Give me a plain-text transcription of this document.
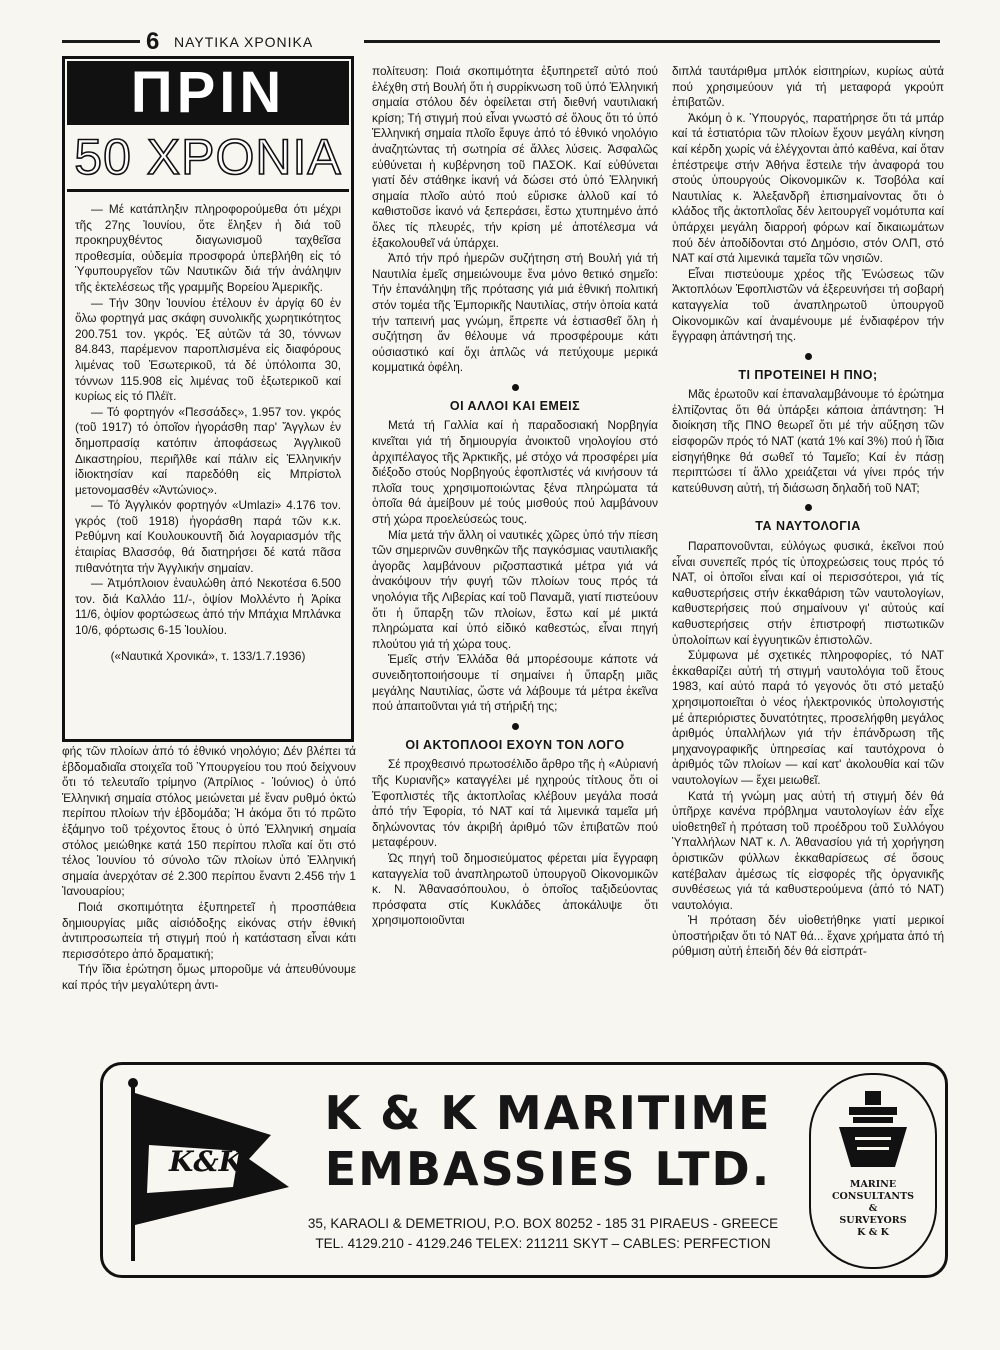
6 ΝΑΥΤΙΚΑ ΧΡΟΝΙΚΑ
ΠΡΙΝ
50 ΧΡΟΝΙΑ

— Μέ κατάπληξιν πληροφορούμεθα ότι μέχρι τῆς 27ης Ἰουνίου, ὅτε ἔληξεν ἡ διά τοῦ προκηρυχθέντος διαγωνισμοῦ ταχθεῖσα προθεσμία, οὐδεμία προσφορά ὑπεβλήθη εἰς τό Ὑφυπουργεῖον τῶν Ναυτικῶν διά τήν ἀνάληψιν τῆς ἐκτελέσεως τῆς γραμμῆς Βορείου Ἀμερικῆς.

— Τήν 30ην Ἰουνίου ἐτέλουν ἐν ἀργίᾳ 60 ἐν ὅλω φορτηγά μας σκάφη συνολικῆς χωρητικότητος 200.751 τον. γκρός. Ἐξ αὐτῶν τά 30, τόννων 84.843, παρέμενον παροπλισμένα εἰς διαφόρους λιμένας τοῦ Ἐσωτερικοῦ, τά δέ ὑπόλοιπα 30, τόννων 115.908 εἰς λιμένας τοῦ ἐξωτερικοῦ καί κυρίως εἰς τό Πλέϊτ.

— Τό φορτηγόν «Πεσσάδες», 1.957 τον. γκρός (τοῦ 1917) τό ὁποῖον ἠγοράσθη παρ' Ἄγγλων ἐν δημοπρασίᾳ κατόπιν ἀποφάσεως Ἀγγλικοῦ Δικαστηρίου, περιῆλθε καί πάλιν εἰς Ἑλληνικήν ἰδιοκτησίαν καί παρεδόθη εἰς Μπρίστολ μετονομασθέν «Ἀντώνιος».

— Τό Ἀγγλικόν φορτηγόν «Umlazi» 4.176 τον. γκρός (τοῦ 1918) ἠγοράσθη παρά τῶν κ.κ. Ρεθύμνη καί Κουλουκουντῆ διά λογαριασμόν τῆς ἑταιρίας Βλασσόφ, θά διατηρήσει δέ κατά πᾶσα πιθανότητα τήν Ἀγγλικήν σημαίαν.

— Ἀτμόπλοιον ἐναυλώθη ἀπό Νεκοτέσα 6.500 τον. διά Καλλάο 11/-, ὀψίον Μολλέντο ἡ Ἀρίκα 11/6, ὀψίον φορτώσεως ἀπό τήν Μπάχια Μπλάνκα 10/6, φόρτωσις 6-15 Ἰουλίου.

(«Ναυτικά Χρονικά», τ. 133/1.7.1936)

φής τῶν πλοίων ἀπό τό ἐθνικό νηολόγιο; Δέν βλέπει τά ἑβδομαδιαῖα στοιχεῖα τοῦ Ὑπουργείου του πού δείχνουν ὅτι τό τελευταῖο τρίμηνο (Ἀπρίλιος - Ἰούνιος) ὁ ὑπό Ἑλληνική σημαία στόλος μειώνεται μέ ἕναν ρυθμό ὀκτώ περίπου πλοίων τήν ἑβδομάδα; Ἡ ἀκόμα ὅτι τό πρῶτο ἑξάμηνο τοῦ τρέχοντος ἔτους ὁ ὑπό Ἑλληνική σημαία στόλος μειώθηκε κατά 150 περίπου πλοῖα καί ὅτι στό τέλος Ἰουνίου τό σύνολο τῶν πλοίων ὑπό Ἑλληνική σημαία ἀνερχόταν σέ 2.300 περίπου ἔναντι 2.456 τήν 1 Ἰανουαρίου;

Ποιά σκοπιμότητα ἐξυπηρετεῖ ἡ προσπάθεια δημιουργίας μιᾶς αἰσιόδοξης εἰκόνας στήν ἐθνική ἀντιπροσωπεία τή στιγμή πού ἡ κατάσταση εἶναι κάτι περισσότερο ἀπό δραματική;

Τήν ἴδια ἐρώτηση ὅμως μποροῦμε νά ἀπευθύνουμε καί πρός τήν μεγαλύτερη ἀντι-

πολίτευση: Ποιά σκοπιμότητα ἐξυπηρετεῖ αὐτό πού ἐλέχθη στή Βουλή ὅτι ἡ συρρίκνωση τοῦ ὑπό Ἑλληνική σημαία στόλου δέν ὀφείλεται στή διεθνή ναυτιλιακή κρίση; Τή στιγμή πού εἶναι γνωστό σέ ὅλους ὅτι τό ὑπό Ἑλληνική σημαία πλοῖο ἔφυγε ἀπό τό ἐθνικό νηολόγιο ἀναζητώντας τή σωτηρία σέ ἄλλες λύσεις. Ἀσφαλῶς εὐθύνεται ἡ κυβέρνηση τοῦ ΠΑΣΟΚ. Καί εὐθύνεται γιατί δέν στάθηκε ἱκανή νά δώσει στό ὑπό Ἑλληνική σημαία πλοῖο αὐτό πού εὕρισκε ἀλλοῦ καί τό καθιστοῦσε ἱκανό νά ξεπεράσει, ἔστω χτυπημένο ἀπό ὅλες τίς πλευρές, τήν κρίση μέ ἀποτέλεσμα νά ἐξακολουθεῖ νά ὑπάρχει.

Ἀπό τήν πρό ἡμερῶν συζήτηση στή Βουλή γιά τή Ναυτιλία ἐμεῖς σημειώνουμε ἕνα μόνο θετικό σημεῖο: Τήν ἐπανάληψη τῆς πρότασης γιά μιά ἐθνική πολιτική στόν τομέα τῆς Ἐμπορικῆς Ναυτιλίας, στήν ὁποία κατά τήν ταπεινή μας γνώμη, ἔπρεπε νά ἑστιασθεῖ ὅλη ἡ συζήτηση ἄν θέλουμε νά προσφέρουμε κάτι οὐσιαστικό καί ὄχι ἁπλῶς νά πετύχουμε μερικά κομματικά ὀφέλη.

ΟΙ ΑΛΛΟΙ ΚΑΙ ΕΜΕΙΣ

Μετά τή Γαλλία καί ἡ παραδοσιακή Νορβηγία κινεῖται γιά τή δημιουργία ἀνοικτοῦ νηολογίου στό ἀρχιπέλαγος τῆς Ἀρκτικῆς, μέ στόχο νά προσφέρει μία διέξοδο στούς Νορβηγούς ἐφοπλιστές νά κινήσουν τά πλοῖα τους χρησιμοποιώντας ξένα πληρώματα τά ὁποῖα θά ἀμείβουν μέ τούς μισθούς πού λαμβάνουν στή χώρα προελεύσεώς τους.

Μία μετά τήν ἄλλη οἱ ναυτικές χῶρες ὑπό τήν πίεση τῶν σημερινῶν συνθηκῶν τῆς παγκόσμιας ναυτιλιακῆς ἀγορᾶς λαμβάνουν ριζοσπαστικά μέτρα γιά νά ἀνακόψουν τήν φυγή τῶν πλοίων τους πρός τά νηολόγια τῆς Λιβερίας καί τοῦ Παναμᾶ, γιατί πιστεύουν ὅτι ἡ ὕπαρξη τῶν πλοίων, ἔστω καί μέ μικτά πληρώματα καί ὑπό εἰδικό καθεστώς, εἶναι πηγή πλούτου γιά τή χώρα τους.

Ἐμεῖς στήν Ἑλλάδα θά μπορέσουμε κάποτε νά συνειδητοποιήσουμε τί σημαίνει ἡ ὕπαρξη μιᾶς μεγάλης Ναυτιλίας, ὥστε νά λάβουμε τά μέτρα ἐκεῖνα πού ἀπαιτοῦνται γιά τή στήριξή της;

ΟΙ ΑΚΤΟΠΛΟΟΙ ΕΧΟΥΝ ΤΟΝ ΛΟΓΟ

Σέ προχθεσινό πρωτοσέλιδο ἄρθρο τῆς ἡ «Αὐριανή τῆς Κυριανῆς» καταγγέλει μέ ηχηρούς τίτλους ὅτι οἱ Ἐφοπλιστές τῆς ἀκτοπλοΐας κλέβουν μεγάλα ποσά ἀπό τήν Ἐφορία, τό ΝΑΤ καί τά λιμενικά ταμεῖα μή δηλώνοντας τόν ἀκριβή ἀριθμό τῶν ἐπιβατῶν πού μεταφέρουν.

Ὡς πηγή τοῦ δημοσιεύματος φέρεται μία ἔγγραφη καταγγελία τοῦ ἀναπληρωτοῦ ὑπουργοῦ Οἰκονομικῶν κ. Ν. Ἀθανασόπουλου, ὁ ὁποῖος ταξιδεύοντας πρόσφατα στίς Κυκλάδες ἀποκάλυψε ὅτι χρησιμοποιοῦνται

διπλά ταυτάριθμα μπλόκ εἰσιτηρίων, κυρίως αὐτά πού χρησιμεύουν γιά τή μεταφορά γκρούπ ἐπιβατῶν.

Ἀκόμη ὁ κ. Ὑπουργός, παρατήρησε ὅτι τά μπάρ καί τά ἑστιατόρια τῶν πλοίων ἔχουν μεγάλη κίνηση καί κέρδη χωρίς νά ἐλέγχονται ἀπό καθένα, καί ὅταν ἐπέστρεψε στήν Ἀθήνα ἔστειλε τήν ἀναφορά του στούς ὑπουργούς Οἰκονομικῶν κ. Τσοβόλα καί Ναυτιλίας κ. Ἀλεξανδρῆ ἐπισημαίνοντας ὅτι ὁ κλάδος τῆς ἀκτοπλοΐας δέν λειτουργεῖ νομότυπα καί ὑπάρχει μεγάλη διαρροή φόρων καί δικαιωμάτων πού δέν ἀποδίδονται στό Δημόσιο, στόν ΟΛΠ, στό ΝΑΤ καί στά λιμενικά ταμεῖα τῶν νησιῶν.

Εἶναι πιστεύουμε χρέος τῆς Ἑνώσεως τῶν Ἀκτοπλόων Ἐφοπλιστῶν νά ἐξερευνήσει τή σοβαρή καταγγελία τοῦ ἀναπληρωτοῦ ὑπουργοῦ Οἰκονομικῶν καί ἀναμένουμε μέ ἐνδιαφέρον τήν ἔγγραφη ἀπάντησή της.

ΤΙ ΠΡΟΤΕΙΝΕΙ Η ΠΝΟ;

Μᾶς ἐρωτοῦν καί ἐπαναλαμβάνουμε τό ἐρώτημα ἐλπίζοντας ὅτι θά ὑπάρξει κάποια ἀπάντηση: Ἡ διοίκηση τῆς ΠΝΟ θεωρεῖ ὅτι μέ τήν αὔξηση τῶν εἰσφορῶν πρός τό ΝΑΤ (κατά 1% καί 3%) πού ἡ ἴδια εἰσηγήθηκε θά σωθεῖ τό Ταμεῖο; Καί ἐν πάσῃ περιπτώσει τί ἄλλο χρειάζεται νά γίνει πρός τήν κατεύθυνση αὐτή, τή διάσωση δηλαδή τοῦ ΝΑΤ;

ΤΑ ΝΑΥΤΟΛΟΓΙΑ

Παραπονοῦνται, εὐλόγως φυσικά, ἐκεῖνοι πού εἶναι συνεπεῖς πρός τίς ὑποχρεώσεις τους πρός τό ΝΑΤ, οἱ ὁποῖοι εἶναι καί οἱ περισσότεροι, γιά τίς καθυστερήσεις στήν ἐκκαθάριση τῶν ναυτολογίων, καθυστερήσεις πού σημαίνουν γι' αὐτούς καί καθυστερήσεις στήν ἐπιστροφή πιστωτικῶν ὑπολοίπων καί ἐγγυητικῶν ἐπιστολῶν.

Σύμφωνα μέ σχετικές πληροφορίες, τό ΝΑΤ ἐκκαθαρίζει αὐτή τή στιγμή ναυτολόγια τοῦ ἔτους 1983, καί αὐτό παρά τό γεγονός ὅτι στό μεταξύ χρησιμοποιεῖται ὁ νέος ἠλεκτρονικός ὑπολογιστής μέ ἀπεριόριστες δυνατότητες, προσελήφθη μεγάλος ἀριθμός ὑπαλλήλων γιά τήν ἐπάνδρωση τῆς μηχανογραφικῆς ὑπηρεσίας καί ταυτόχρονα ὁ ἀριθμός τῶν πλοίων — καί κατ' ἀκολουθία καί τῶν ναυτολογίων — ἔχει μειωθεῖ.

Κατά τή γνώμη μας αὐτή τή στιγμή δέν θά ὑπῆρχε κανένα πρόβλημα ναυτολογίων ἐάν εἶχε υἱοθετηθεῖ ἡ πρόταση τοῦ προέδρου τοῦ Συλλόγου Ὑπαλλήλων ΝΑΤ κ. Λ. Ἀθανασίου γιά τή χορήγηση ὁριστικῶν φύλλων ἐκκαθαρίσεως σέ ὅσους κατέβαλαν ἀμέσως τίς εἰσφορές τῆς ὀργανικῆς συνθέσεως γιά τά καθυστερούμενα (ἀπό τό ΝΑΤ) ναυτολόγια.

Ἡ πρόταση δέν υἱοθετήθηκε γιατί μερικοί ὑποστήριξαν ὅτι τό ΝΑΤ θά... ἔχανε χρήματα ἀπό τή ρύθμιση αὐτή ἐπειδή δέν θά εἰσπράτ-

K&K
K & K MARITIME
EMBASSIES LTD.
35, KARAOLI & DEMETRIOU, P.O. BOX 80252 - 185 31 PIRAEUS - GREECE
TEL. 4129.210 - 4129.246 TELEX: 211211 SKYT – CABLES: PERFECTION
MARINE
CONSULTANTS
&
SURVEYORS
K & K
